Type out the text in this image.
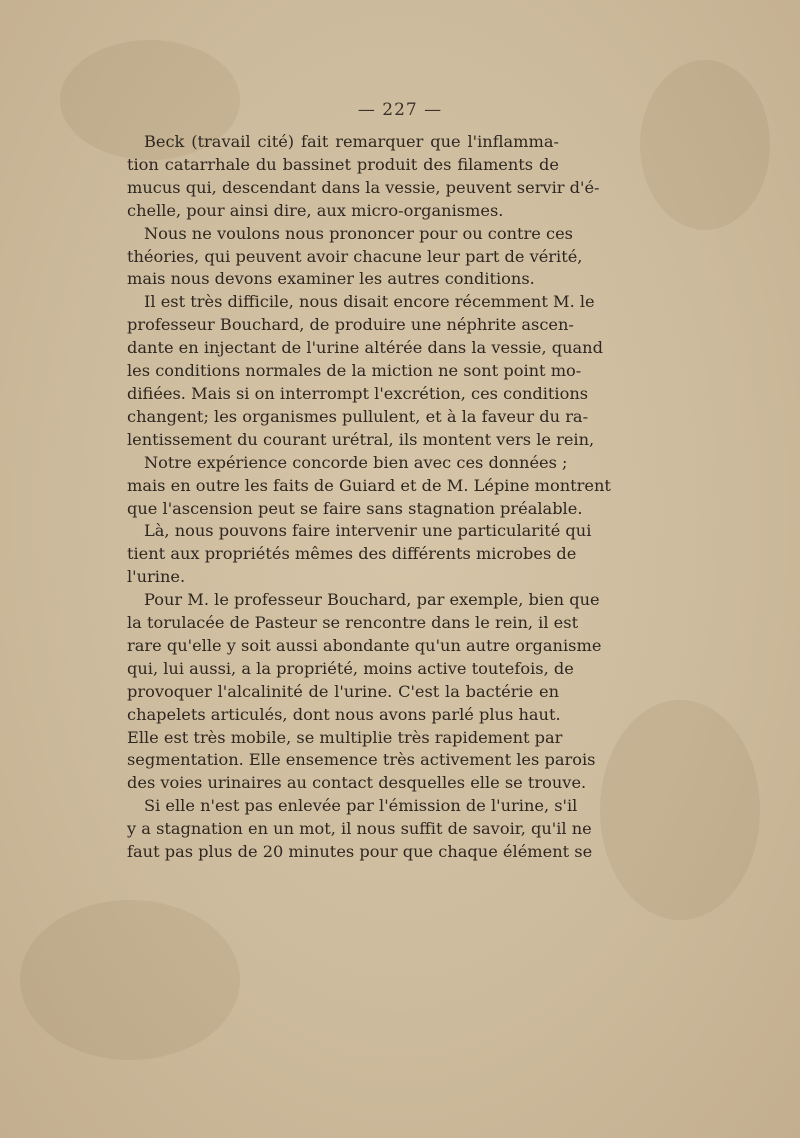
— 227 —
Beck (travail cité) fait remarquer que l'inflamma-
tion catarrhale du bassinet produit des filaments de
mucus qui, descendant dans la vessie, peuvent servir d'é-
chelle, pour ainsi dire, aux micro-organismes.
Nous ne voulons nous prononcer pour ou contre ces
théories, qui peuvent avoir chacune leur part de vérité,
mais nous devons examiner les autres conditions.
Il est très difficile, nous disait encore récemment M. le
professeur Bouchard, de produire une néphrite ascen-
dante en injectant de l'urine altérée dans la vessie, quand
les conditions normales de la miction ne sont point mo-
difiées. Mais si on interrompt l'excrétion, ces conditions
changent; les organismes pullulent, et à la faveur du ra-
lentissement du courant urétral, ils montent vers le rein,
Notre expérience concorde bien avec ces données ;
mais en outre les faits de Guiard et de M. Lépine montrent
que l'ascension peut se faire sans stagnation préalable.
Là, nous pouvons faire intervenir une particularité qui
tient aux propriétés mêmes des différents microbes de
l'urine.
Pour M. le professeur Bouchard, par exemple, bien que
la torulacée de Pasteur se rencontre dans le rein, il est
rare qu'elle y soit aussi abondante qu'un autre organisme
qui, lui aussi, a la propriété, moins active toutefois, de
provoquer l'alcalinité de l'urine. C'est la bactérie en
chapelets articulés, dont nous avons parlé plus haut.
Elle est très mobile, se multiplie très rapidement par
segmentation. Elle ensemence très activement les parois
des voies urinaires au contact desquelles elle se trouve.
Si elle n'est pas enlevée par l'émission de l'urine, s'il
y a stagnation en un mot, il nous suffit de savoir, qu'il ne
faut pas plus de 20 minutes pour que chaque élément se
